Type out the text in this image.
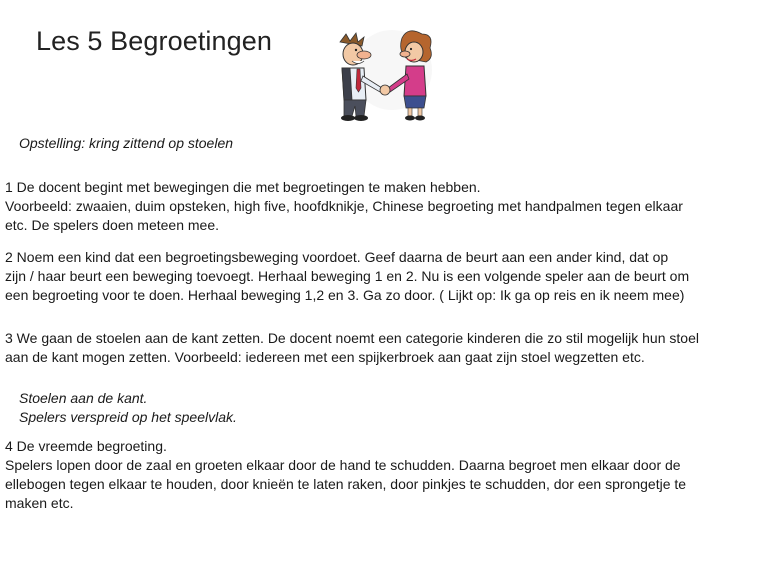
Les 5 Begroetingen

Opstelling: kring zittend op stoelen

1 De docent begint met bewegingen die met begroetingen te maken hebben.
Voorbeeld: zwaaien, duim opsteken, high five, hoofdknikje, Chinese begroeting met handpalmen tegen elkaar
etc. De spelers doen meteen mee.

2 Noem een kind dat een begroetingsbeweging voordoet. Geef daarna de beurt aan een ander kind, dat op
zijn / haar beurt een beweging toevoegt. Herhaal beweging 1 en 2. Nu is een volgende speler aan de beurt om
een begroeting voor te doen. Herhaal beweging 1,2 en 3. Ga zo door. ( Lijkt op: Ik ga op reis en ik neem mee)

3 We gaan de stoelen aan de kant zetten. De docent noemt een categorie kinderen die zo stil mogelijk hun stoel
aan de kant mogen zetten. Voorbeeld: iedereen met een spijkerbroek aan gaat zijn stoel wegzetten etc.

Stoelen aan de kant.
Spelers verspreid op het speelvlak.

4 De vreemde begroeting.
Spelers lopen door de zaal en groeten elkaar door de hand te schudden. Daarna begroet men elkaar door de
ellebogen tegen elkaar te houden, door knieën te laten raken, door pinkjes te schudden, dor een sprongetje te
maken etc.
